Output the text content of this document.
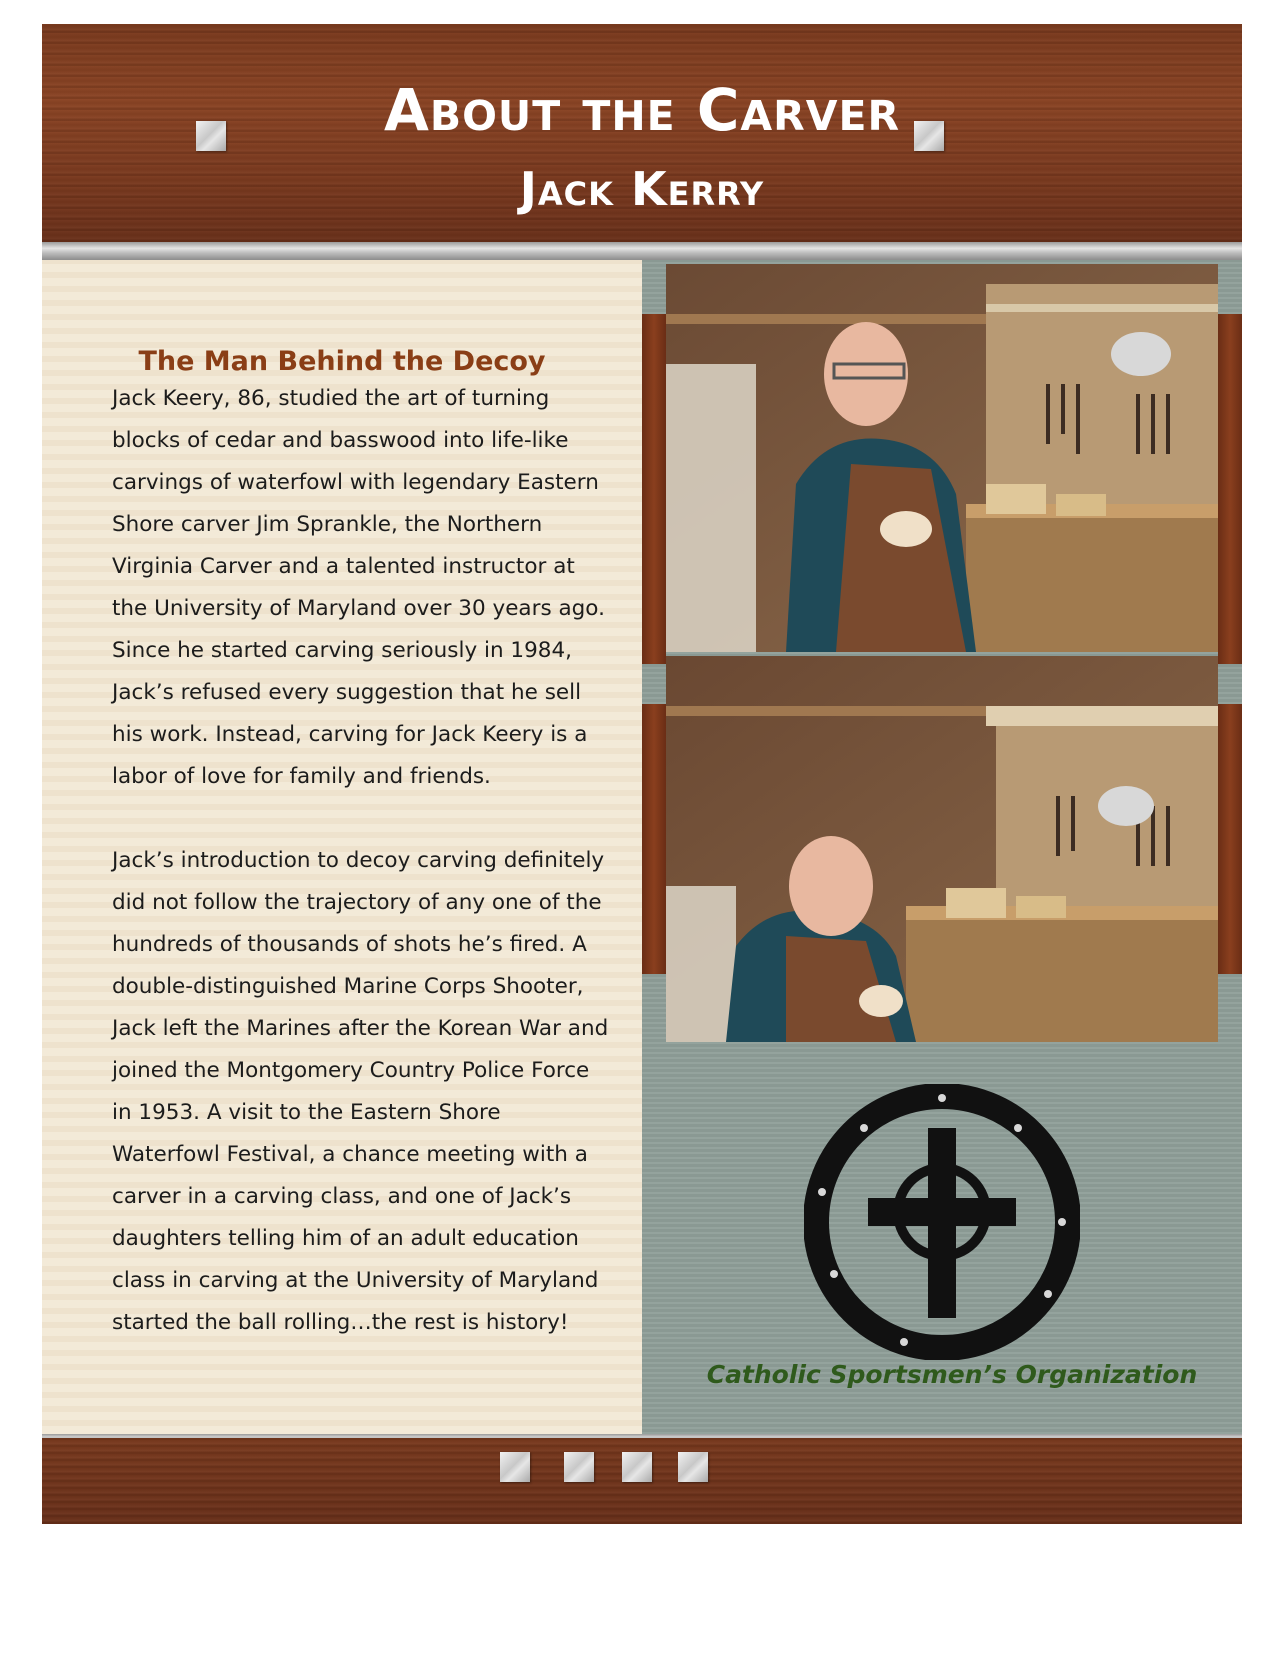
About the Carver
Jack Kerry
The Man Behind the Decoy

Jack Keery, 86, studied the art of turning blocks of cedar and basswood into life-like carvings of waterfowl with legendary Eastern Shore carver Jim Sprankle, the Northern Virginia Carver and a talented instructor at the University of Maryland over 30 years ago. Since he started carving seriously in 1984, Jack’s refused every suggestion that he sell his work. Instead, carving for Jack Keery is a labor of love for family and friends.

Jack’s introduction to decoy carving definitely did not follow the trajectory of any one of the hundreds of thousands of shots he’s fired. A double-distinguished Marine Corps Shooter, Jack left the Marines after the Korean War and joined the Montgomery Country Police Force in 1953. A visit to the Eastern Shore Waterfowl Festival, a chance meeting with a carver in a carving class, and one of Jack’s daughters telling him of an adult education class in carving at the University of Maryland started the ball rolling…the rest is history!

Catholic Sportsmen’s Organization
